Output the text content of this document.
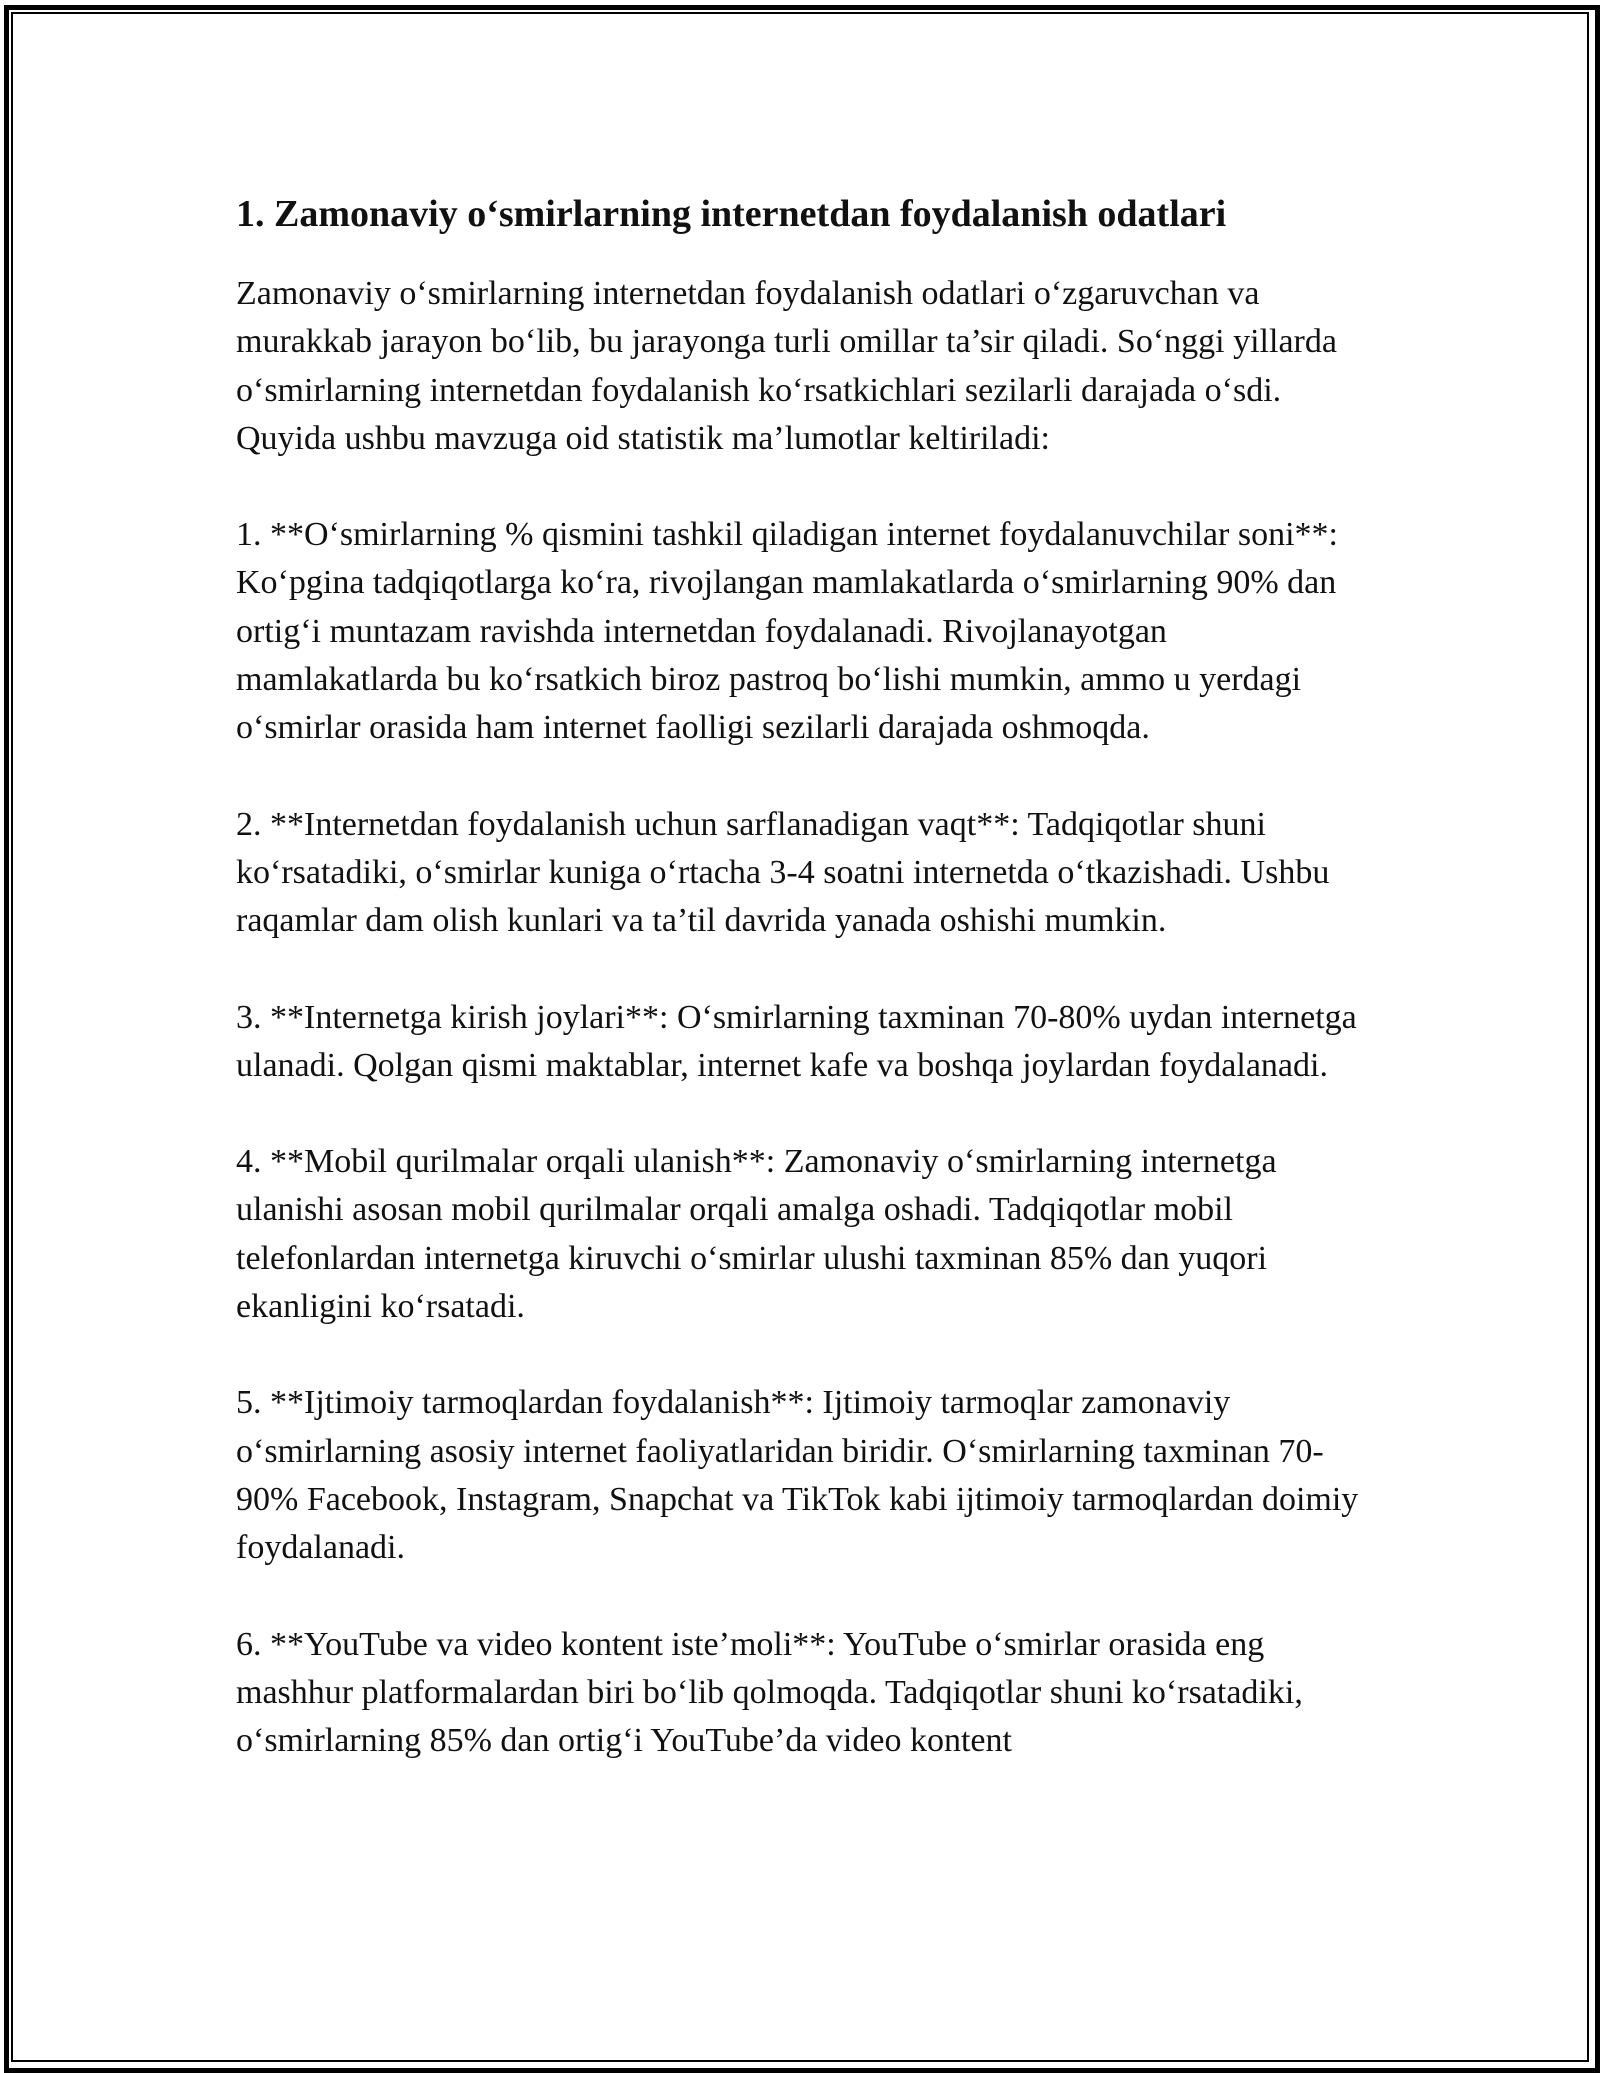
1. Zamonaviy o‘smirlarning internetdan foydalanish odatlari

Zamonaviy o‘smirlarning internetdan foydalanish odatlari o‘zgaruvchan va murakkab jarayon bo‘lib, bu jarayonga turli omillar ta’sir qiladi. So‘nggi yillarda o‘smirlarning internetdan foydalanish ko‘rsatkichlari sezilarli darajada o‘sdi. Quyida ushbu mavzuga oid statistik ma’lumotlar keltiriladi:

1. **O‘smirlarning % qismini tashkil qiladigan internet foydalanuvchilar soni**: Ko‘pgina tadqiqotlarga ko‘ra, rivojlangan mamlakatlarda o‘smirlarning 90% dan ortig‘i muntazam ravishda internetdan foydalanadi. Rivojlanayotgan mamlakatlarda bu ko‘rsatkich biroz pastroq bo‘lishi mumkin, ammo u yerdagi o‘smirlar orasida ham internet faolligi sezilarli darajada oshmoqda.

2. **Internetdan foydalanish uchun sarflanadigan vaqt**: Tadqiqotlar shuni ko‘rsatadiki, o‘smirlar kuniga o‘rtacha 3-4 soatni internetda o‘tkazishadi. Ushbu raqamlar dam olish kunlari va ta’til davrida yanada oshishi mumkin.

3. **Internetga kirish joylari**: O‘smirlarning taxminan 70-80% uydan internetga ulanadi. Qolgan qismi maktablar, internet kafe va boshqa joylardan foydalanadi.

4. **Mobil qurilmalar orqali ulanish**: Zamonaviy o‘smirlarning internetga ulanishi asosan mobil qurilmalar orqali amalga oshadi. Tadqiqotlar mobil telefonlardan internetga kiruvchi o‘smirlar ulushi taxminan 85% dan yuqori ekanligini ko‘rsatadi.

5. **Ijtimoiy tarmoqlardan foydalanish**: Ijtimoiy tarmoqlar zamonaviy o‘smirlarning asosiy internet faoliyatlaridan biridir. O‘smirlarning taxminan 70-90% Facebook, Instagram, Snapchat va TikTok kabi ijtimoiy tarmoqlardan doimiy foydalanadi.

6. **YouTube va video kontent iste’moli**: YouTube o‘smirlar orasida eng mashhur platformalardan biri bo‘lib qolmoqda. Tadqiqotlar shuni ko‘rsatadiki, o‘smirlarning 85% dan ortig‘i YouTube’da video kontent
